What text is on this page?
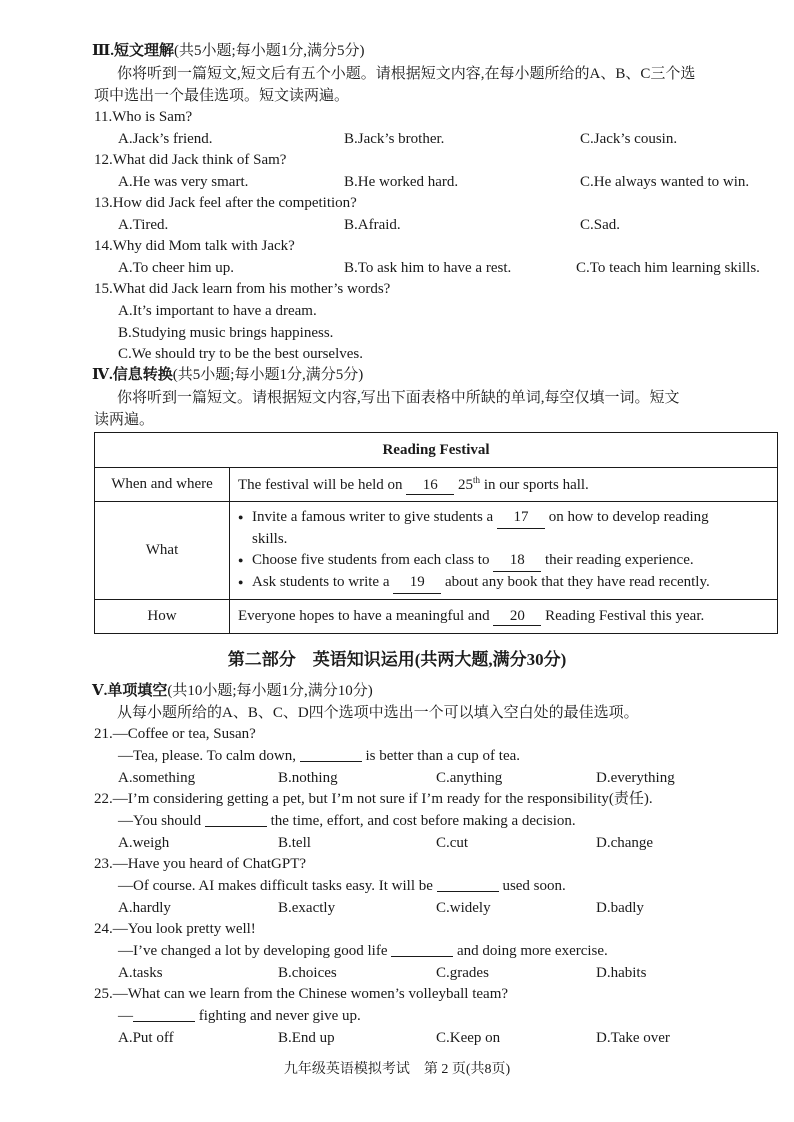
Ⅲ.短文理解(共5小题;每小题1分,满分5分)
你将听到一篇短文,短文后有五个小题。请根据短文内容,在每小题所给的A、B、C三个选
项中选出一个最佳选项。短文读两遍。
11.Who is Sam?
A.Jack’s friend.	B.Jack’s brother.	C.Jack’s cousin.
12.What did Jack think of Sam?
A.He was very smart.	B.He worked hard.	C.He always wanted to win.
13.How did Jack feel after the competition?
A.Tired.	B.Afraid.	C.Sad.
14.Why did Mom talk with Jack?
A.To cheer him up.	B.To ask him to have a rest.	C.To teach him learning skills.
15.What did Jack learn from his mother’s words?
A.It’s important to have a dream.
B.Studying music brings happiness.
C.We should try to be the best ourselves.
Ⅳ.信息转换(共5小题;每小题1分,满分5分)
你将听到一篇短文。请根据短文内容,写出下面表格中所缺的单词,每空仅填一词。短文
读两遍。
Reading Festival	
When and where	The festival will be held on 16 25th in our sports hall.
What	● Invite a famous writer to give students a 17 on how to develop reading
skills.
● Choose five students from each class to 18 their reading experience.
● Ask students to write a 19 about any book that they have read recently.

How	Everyone hopes to have a meaningful and 20 Reading Festival this year.
第二部分　英语知识运用(共两大题,满分30分)
Ⅴ.单项填空(共10小题;每小题1分,满分10分)
从每小题所给的A、B、C、D四个选项中选出一个可以填入空白处的最佳选项。
21.—Coffee or tea, Susan?
—Tea, please. To calm down,	is better than a cup of tea.
A.something	B.nothing	C.anything	D.everything
22.—I’m considering getting a pet, but I’m not sure if I’m ready for the responsibility(责任).
—You should	the time, effort, and cost before making a decision.
A.weigh	B.tell	C.cut	D.change
23.—Have you heard of ChatGPT?
—Of course. AI makes difficult tasks easy. It will be	used soon.
A.hardly	B.exactly	C.widely	D.badly
24.—You look pretty well!
—I’ve changed a lot by developing good life	and doing more exercise.
A.tasks	B.choices	C.grades	D.habits
25.—What can we learn from the Chinese women’s volleyball team?
—	fighting and never give up.
A.Put off	B.End up	C.Keep on	D.Take over
九年级英语模拟考试　第 2 页(共8页)
